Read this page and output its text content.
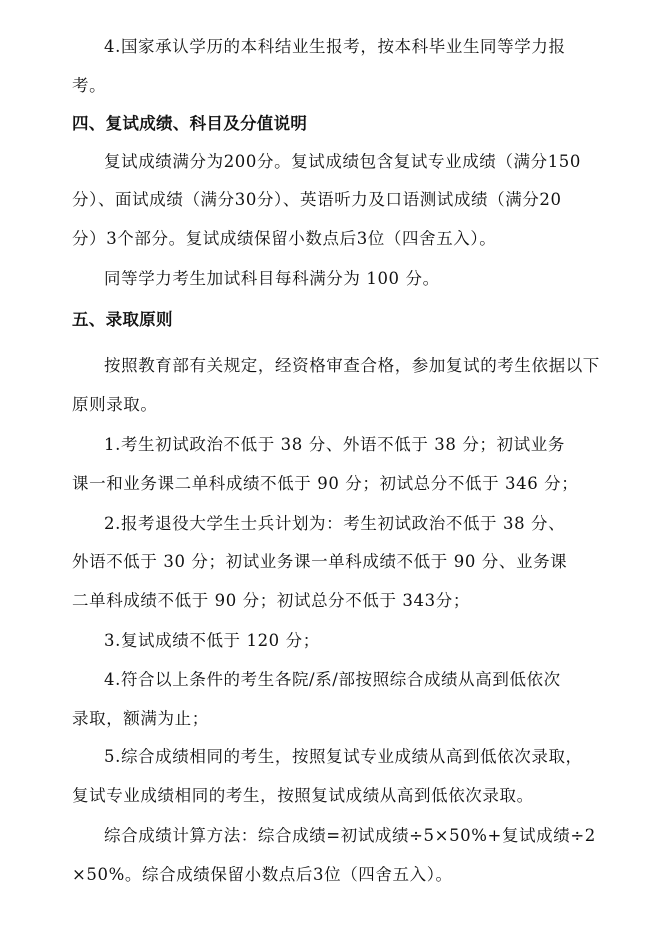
4.国家承认学历的本科结业生报考，按本科毕业生同等学力报
考。
四、复试成绩、科目及分值说明
复试成绩满分为200分。复试成绩包含复试专业成绩（满分150
分）、面试成绩（满分30分）、英语听力及口语测试成绩（满分20
分）3个部分。复试成绩保留小数点后3位（四舍五入）。
同等学力考生加试科目每科满分为 100 分。
五、录取原则
按照教育部有关规定，经资格审查合格，参加复试的考生依据以下
原则录取。
1.考生初试政治不低于 38 分、外语不低于 38 分；初试业务
课一和业务课二单科成绩不低于 90 分；初试总分不低于 346 分；
2.报考退役大学生士兵计划为：考生初试政治不低于 38 分、
外语不低于 30 分；初试业务课一单科成绩不低于 90 分、业务课
二单科成绩不低于 90 分；初试总分不低于 343分；
3.复试成绩不低于 120 分；
4.符合以上条件的考生各院/系/部按照综合成绩从高到低依次
录取，额满为止；
5.综合成绩相同的考生，按照复试专业成绩从高到低依次录取，
复试专业成绩相同的考生，按照复试成绩从高到低依次录取。
综合成绩计算方法：综合成绩=初试成绩÷5×50%+复试成绩÷2
×50%。综合成绩保留小数点后3位（四舍五入）。
